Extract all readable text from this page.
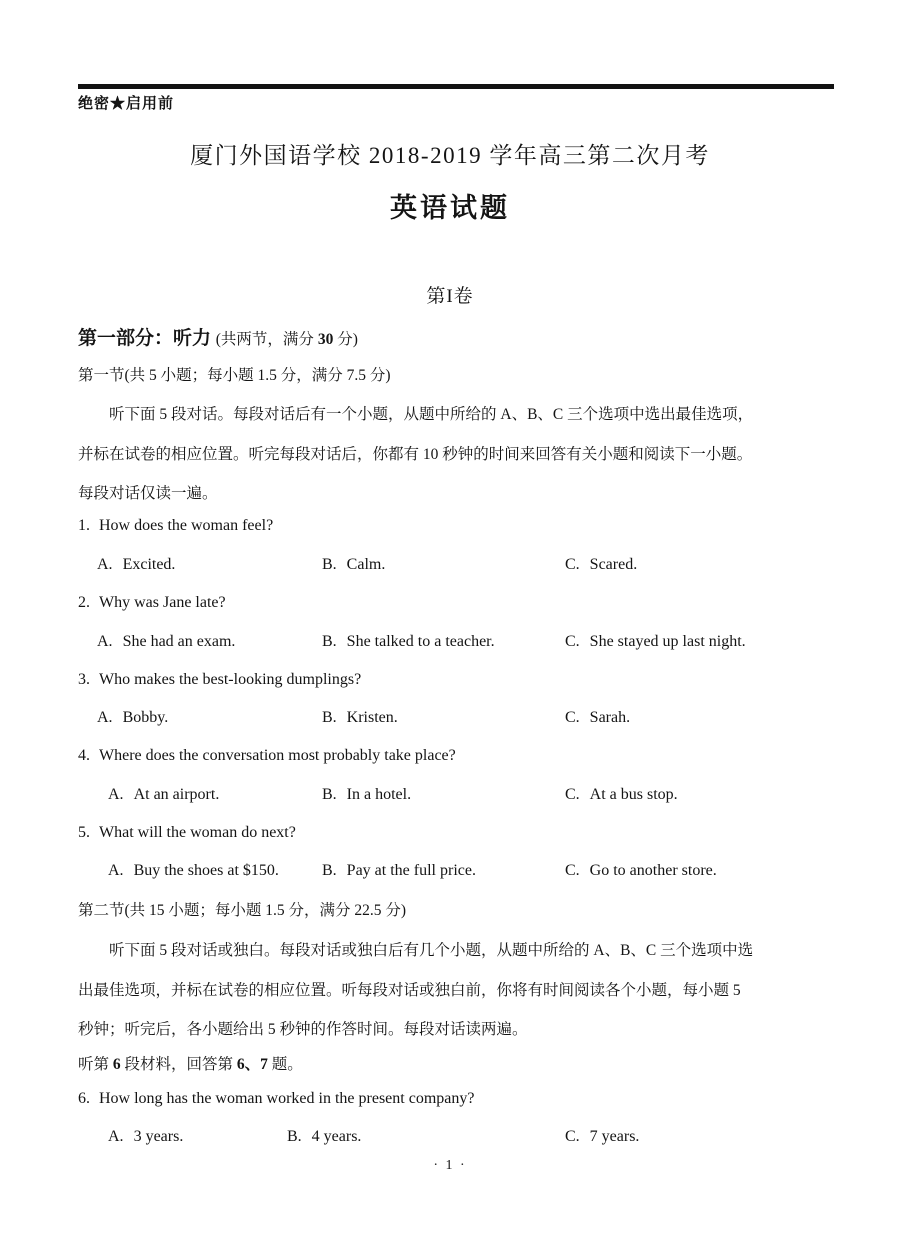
绝密★启用前
厦门外国语学校 2018-2019 学年高三第二次月考
英语试题
第I卷
第一部分：听力 (共两节，满分 30 分)
第一节(共 5 小题；每小题 1.5 分，满分 7.5 分)
听下面 5 段对话。每段对话后有一个小题，从题中所给的 A、B、C 三个选项中选出最佳选项，
并标在试卷的相应位置。听完每段对话后，你都有 10 秒钟的时间来回答有关小题和阅读下一小题。
每段对话仅读一遍。
1. How does the woman feel?
A. Excited.	B. Calm.	C. Scared.
2. Why was Jane late?
A. She had an exam.	B. She talked to a teacher.	C. She stayed up last night.
3. Who makes the best-looking dumplings?
A. Bobby.	B. Kristen.	C. Sarah.
4. Where does the conversation most probably take place?
A. At an airport.	B. In a hotel.	C. At a bus stop.
5. What will the woman do next?
A. Buy the shoes at $150.	B. Pay at the full price.	C. Go to another store.
第二节(共 15 小题；每小题 1.5 分，满分 22.5 分)
听下面 5 段对话或独白。每段对话或独白后有几个小题，从题中所给的 A、B、C 三个选项中选
出最佳选项，并标在试卷的相应位置。听每段对话或独白前，你将有时间阅读各个小题，每小题 5
秒钟；听完后，各小题给出 5 秒钟的作答时间。每段对话读两遍。
听第 6 段材料，回答第 6、7 题。
6. How long has the woman worked in the present company?
A. 3 years.	B. 4 years.	C. 7 years.
· 1 ·
